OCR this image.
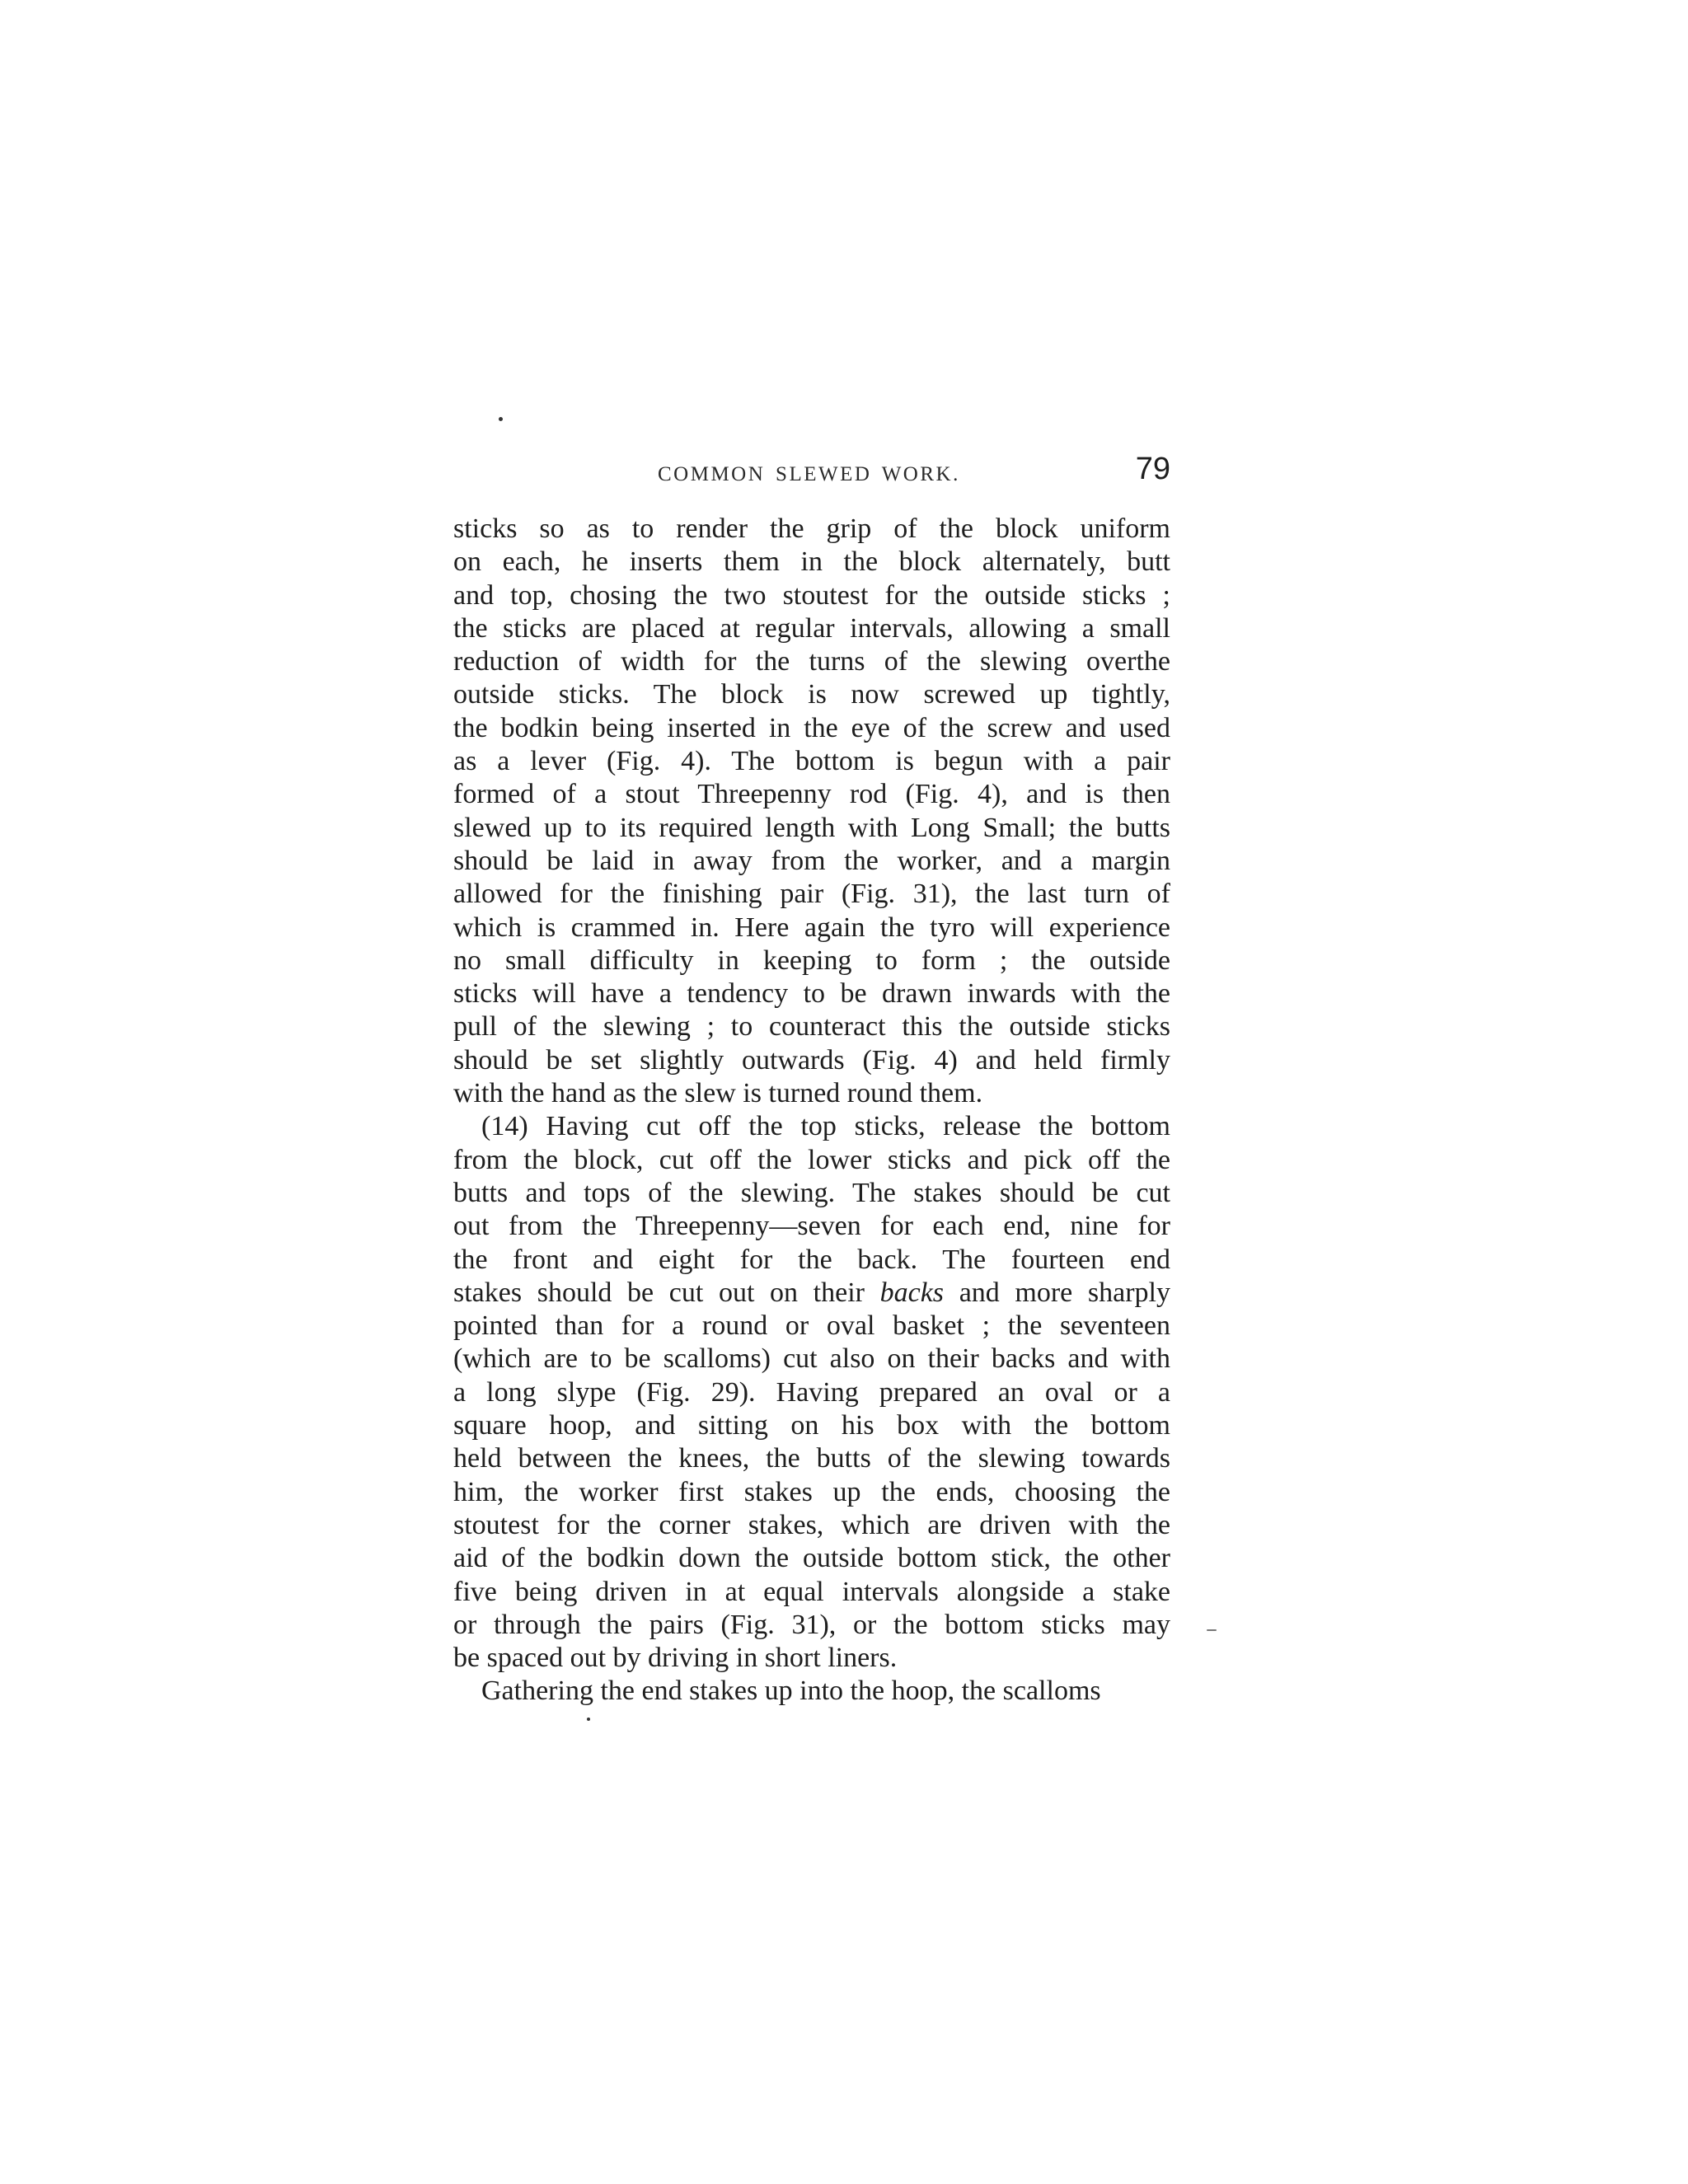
COMMON SLEWED WORK.	79
sticks so as to render the grip of the block uniform
on each, he inserts them in the block alternately, butt
and top, chosing the two stoutest for the outside sticks ;
the sticks are placed at regular intervals, allowing a small
reduction of width for the turns of the slewing overthe
outside sticks. The block is now screwed up tightly,
the bodkin being inserted in the eye of the screw and used
as a lever (Fig. 4). The bottom is begun with a pair
formed of a stout Threepenny rod (Fig. 4), and is then
slewed up to its required length with Long Small; the butts
should be laid in away from the worker, and a margin
allowed for the finishing pair (Fig. 31), the last turn of
which is crammed in. Here again the tyro will experience
no small difficulty in keeping to form ; the outside
sticks will have a tendency to be drawn inwards with the
pull of the slewing ; to counteract this the outside sticks
should be set slightly outwards (Fig. 4) and held firmly
with the hand as the slew is turned round them.
(14) Having cut off the top sticks, release the bottom
from the block, cut off the lower sticks and pick off the
butts and tops of the slewing. The stakes should be cut
out from the Threepenny—seven for each end, nine for
the front and eight for the back. The fourteen end
stakes should be cut out on their backs and more sharply
pointed than for a round or oval basket ; the seventeen
(which are to be scalloms) cut also on their backs and with
a long slype (Fig. 29). Having prepared an oval or a
square hoop, and sitting on his box with the bottom
held between the knees, the butts of the slewing towards
him, the worker first stakes up the ends, choosing the
stoutest for the corner stakes, which are driven with the
aid of the bodkin down the outside bottom stick, the other
five being driven in at equal intervals alongside a stake
or through the pairs (Fig. 31), or the bottom sticks may
be spaced out by driving in short liners.
Gathering the end stakes up into the hoop, the scalloms
